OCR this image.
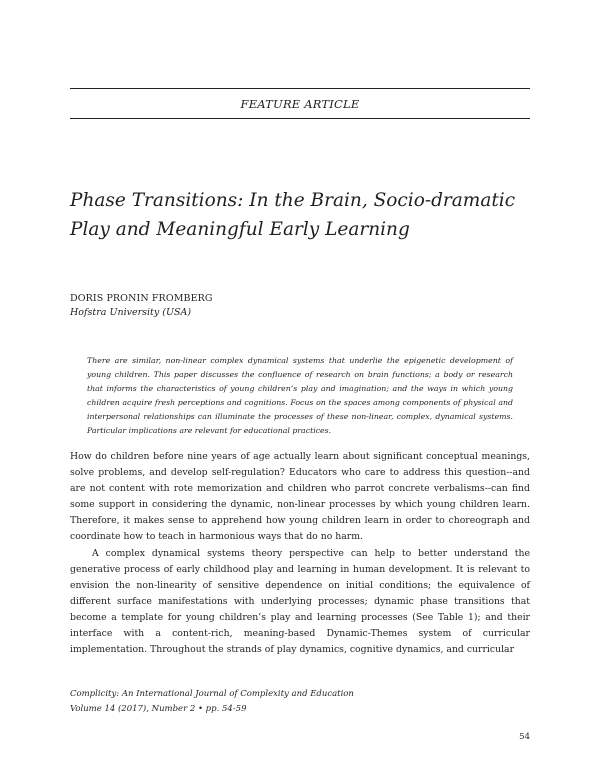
FEATURE ARTICLE
Phase Transitions: In the Brain, Socio-dramatic Play and Meaningful Early Learning
DORIS PRONIN FROMBERG
Hofstra University (USA)

There are similar, non-linear complex dynamical systems that underlie the epigenetic development of young children. This paper discusses the confluence of research on brain functions; a body or research that informs the characteristics of young children’s play and imagination; and the ways in which young children acquire fresh perceptions and cognitions. Focus on the spaces among components of physical and interpersonal relationships can illuminate the processes of these non-linear, complex, dynamical systems. Particular implications are relevant for educational practices.

How do children before nine years of age actually learn about significant conceptual meanings, solve problems, and develop self-regulation? Educators who care to address this question--and are not content with rote memorization and children who parrot concrete verbalisms--can find some support in considering the dynamic, non-linear processes by which young children learn. Therefore, it makes sense to apprehend how young children learn in order to choreograph and coordinate how to teach in harmonious ways that do no harm.

A complex dynamical systems theory perspective can help to better understand the generative process of early childhood play and learning in human development. It is relevant to envision the non-linearity of sensitive dependence on initial conditions; the equivalence of different surface manifestations with underlying processes; dynamic phase transitions that become a template for young children’s play and learning processes (See Table 1); and their interface with a content-rich, meaning-based Dynamic-Themes system of curricular implementation. Throughout the strands of play dynamics, cognitive dynamics, and curricular

Complicity: An International Journal of Complexity and Education
Volume 14 (2017), Number 2 • pp. 54-59
54
